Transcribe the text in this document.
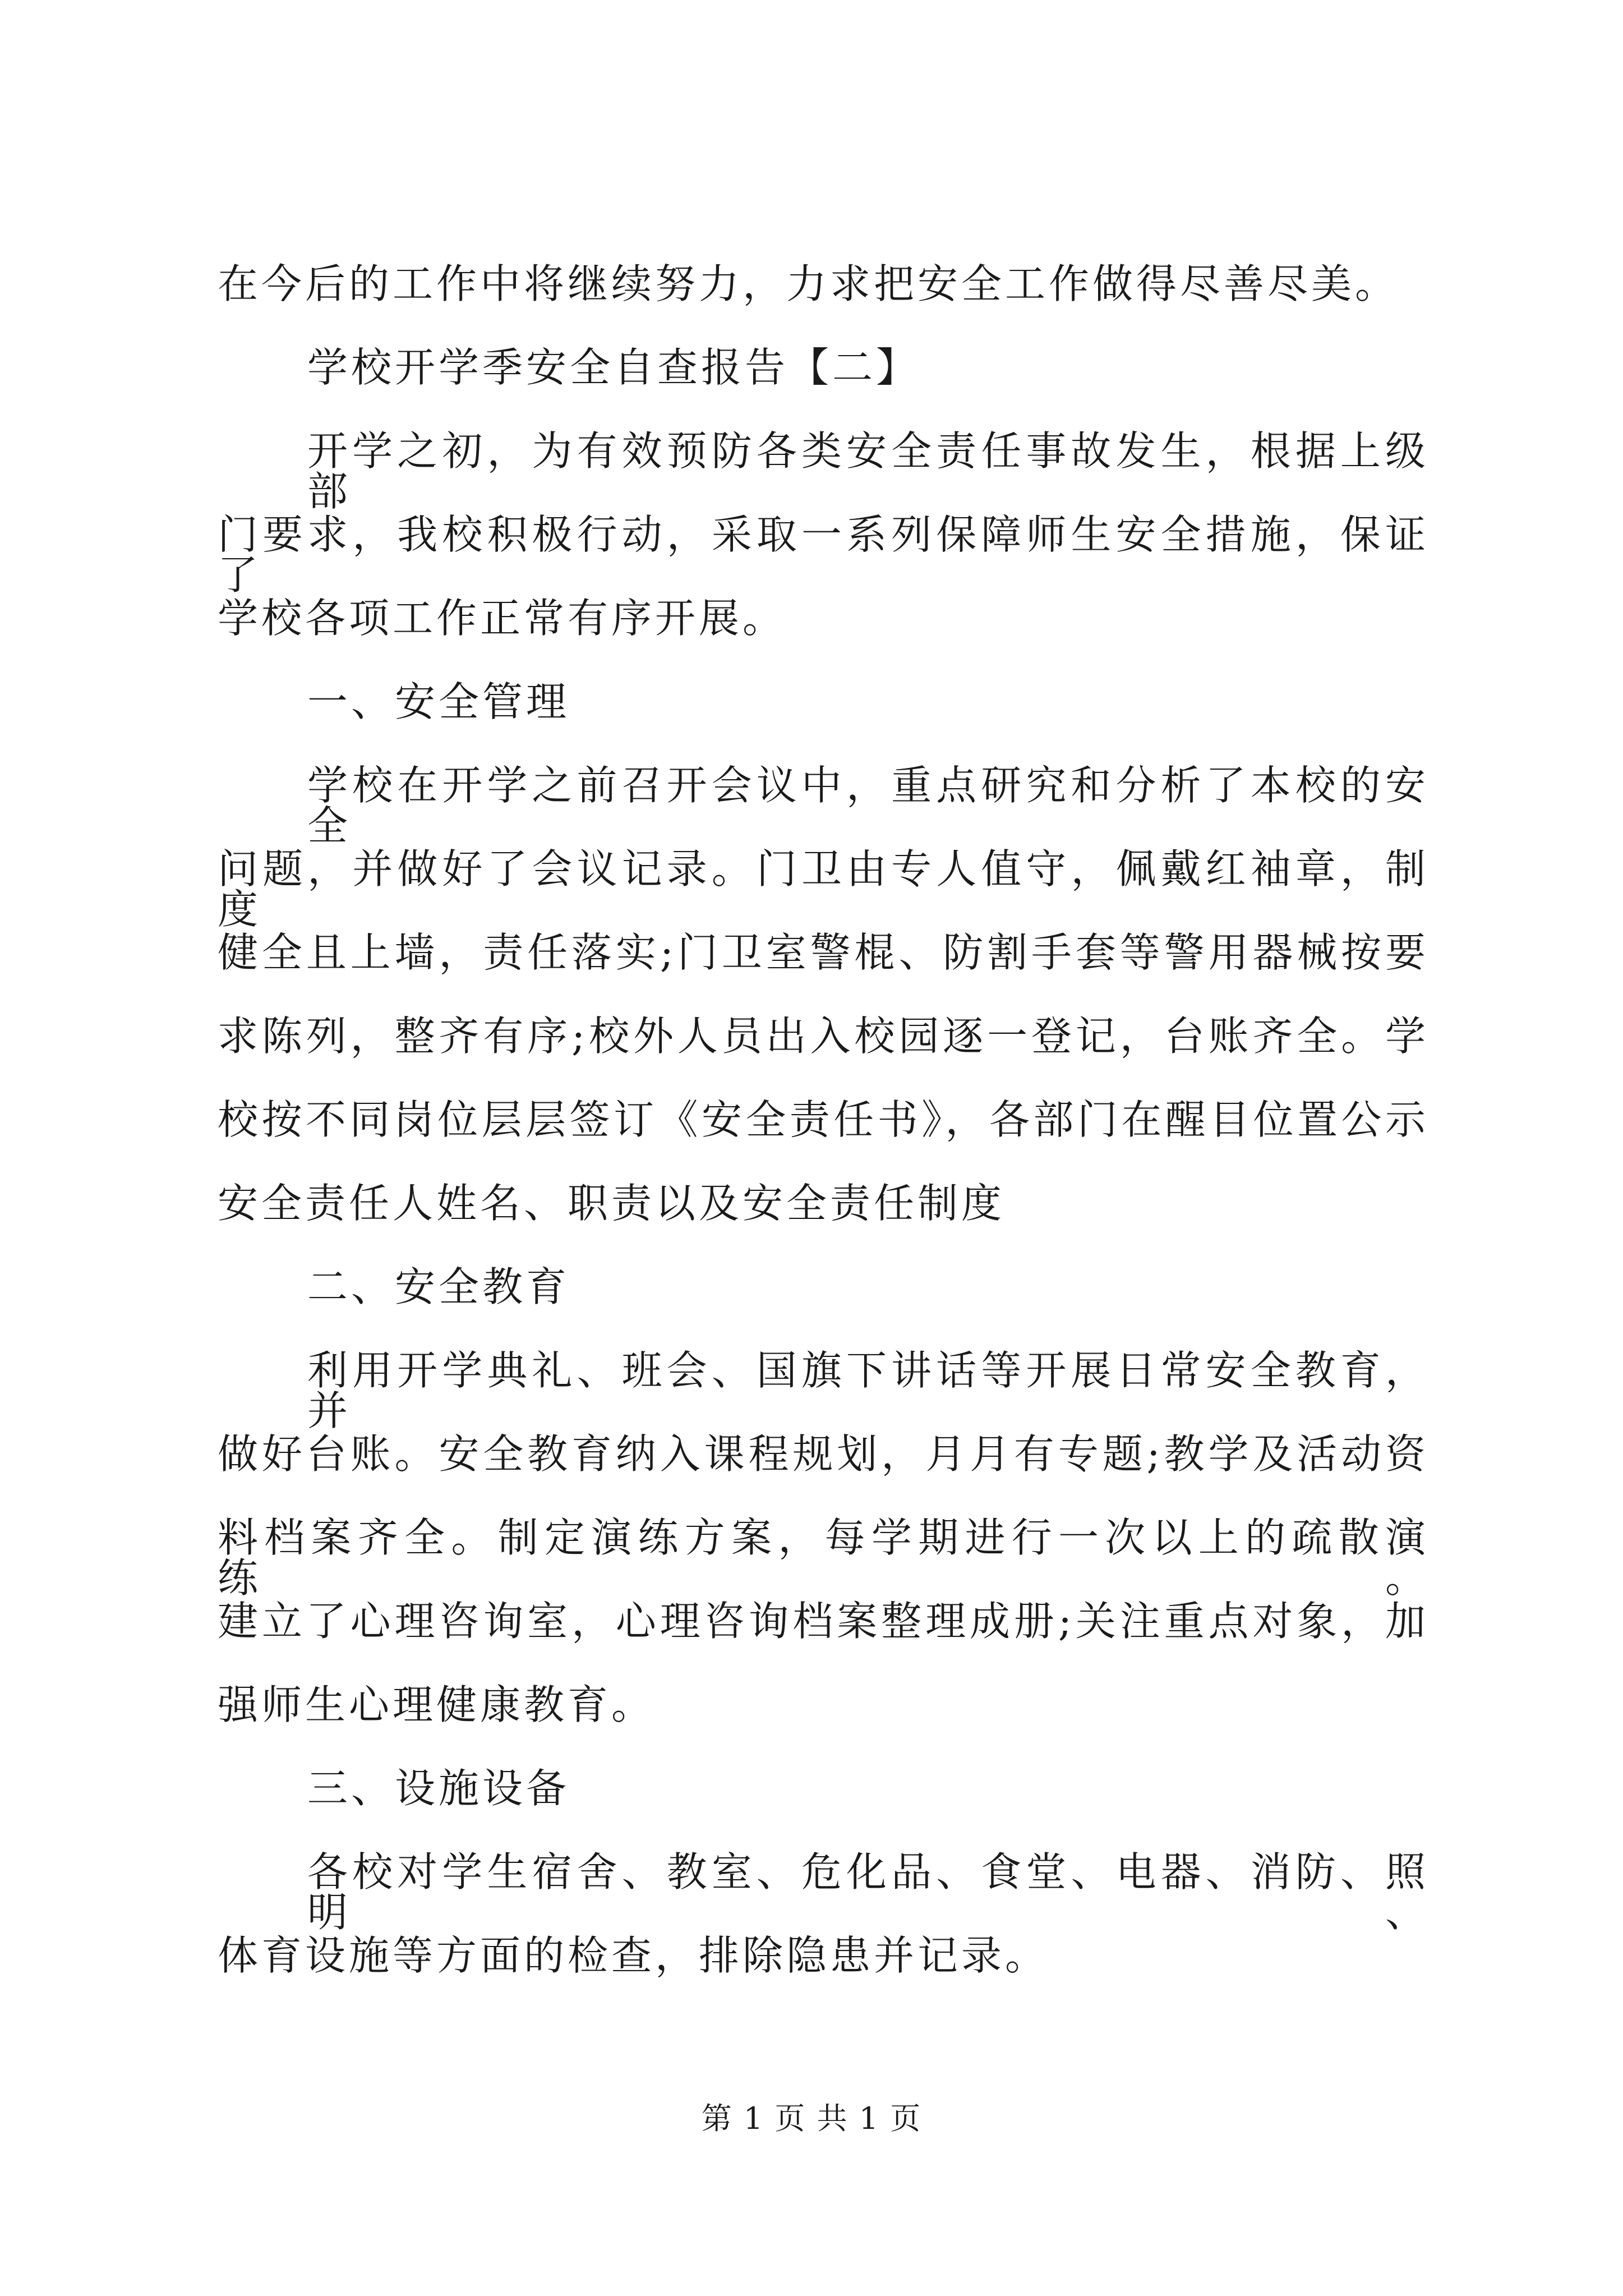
在今后的工作中将继续努力，力求把安全工作做得尽善尽美。
学校开学季安全自查报告【二】
开学之初，为有效预防各类安全责任事故发生，根据上级部
门要求，我校积极行动，采取一系列保障师生安全措施，保证了
学校各项工作正常有序开展。
一、安全管理
学校在开学之前召开会议中，重点研究和分析了本校的安全
问题，并做好了会议记录。门卫由专人值守，佩戴红袖章，制度
健全且上墙，责任落实;门卫室警棍、防割手套等警用器械按要
求陈列，整齐有序;校外人员出入校园逐一登记，台账齐全。学
校按不同岗位层层签订《安全责任书》，各部门在醒目位置公示
安全责任人姓名、职责以及安全责任制度
二、安全教育
利用开学典礼、班会、国旗下讲话等开展日常安全教育，并
做好台账。安全教育纳入课程规划，月月有专题;教学及活动资
料档案齐全。制定演练方案，每学期进行一次以上的疏散演练。
建立了心理咨询室，心理咨询档案整理成册;关注重点对象，加
强师生心理健康教育。
三、设施设备
各校对学生宿舍、教室、危化品、食堂、电器、消防、照明、
体育设施等方面的检查，排除隐患并记录。
第 1 页 共 1 页
